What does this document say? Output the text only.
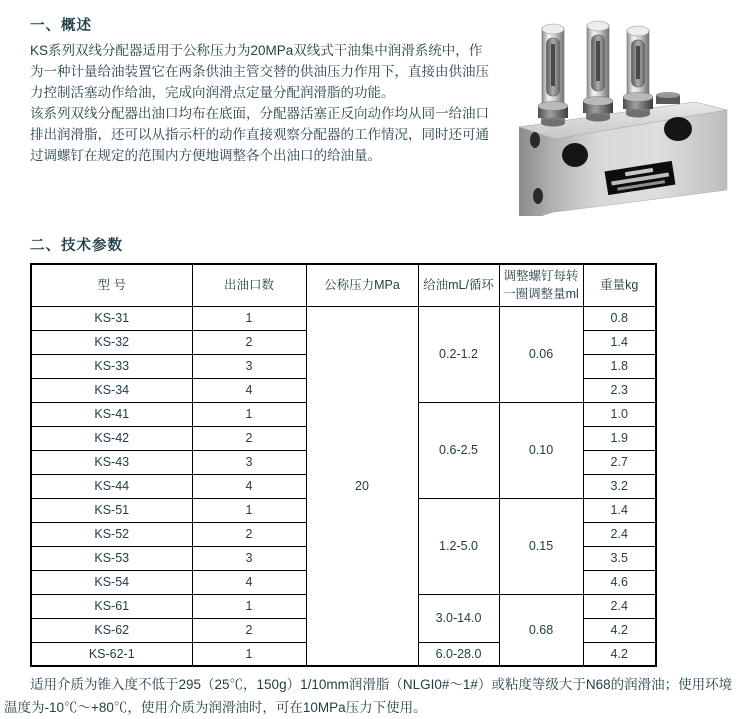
一、概述

KS系列双线分配器适用于公称压力为20MPa双线式干油集中润滑系统中，作为一种计量给油装置它在两条供油主管交替的供油压力作用下，直接由供油压力控制活塞动作给油，完成向润滑点定量分配润滑脂的功能。

该系列双线分配器出油口均布在底面，分配器活塞正反向动作均从同一给油口排出润滑脂，还可以从指示杆的动作直接观察分配器的工作情况，同时还可通过调螺钉在规定的范围内方便地调整各个出油口的给油量。

二、技术参数
型 号	出油口数	公称压力MPa	给油mL/循环	调整螺钉每转一圈调整量ml	重量kg
KS-31	1	20	0.2-1.2	0.06	0.8
KS-32	2				1.4
KS-33	3				1.8
KS-34	4				2.3
KS-41	1		0.6-2.5	0.10	1.0
KS-42	2				1.9
KS-43	3				2.7
KS-44	4				3.2
KS-51	1		1.2-5.0	0.15	1.4
KS-52	2				2.4
KS-53	3				3.5
KS-54	4				4.6
KS-61	1		3.0-14.0	0.68	2.4
KS-62	2				4.2
KS-62-1	1		6.0-28.0		4.2

适用介质为锥入度不低于295（25℃，150g）1/10mm润滑脂（NLGI0#～1#）或粘度等级大于N68的润滑油；使用环境温度为-10℃～+80℃，使用介质为润滑油时，可在10MPa压力下使用。
